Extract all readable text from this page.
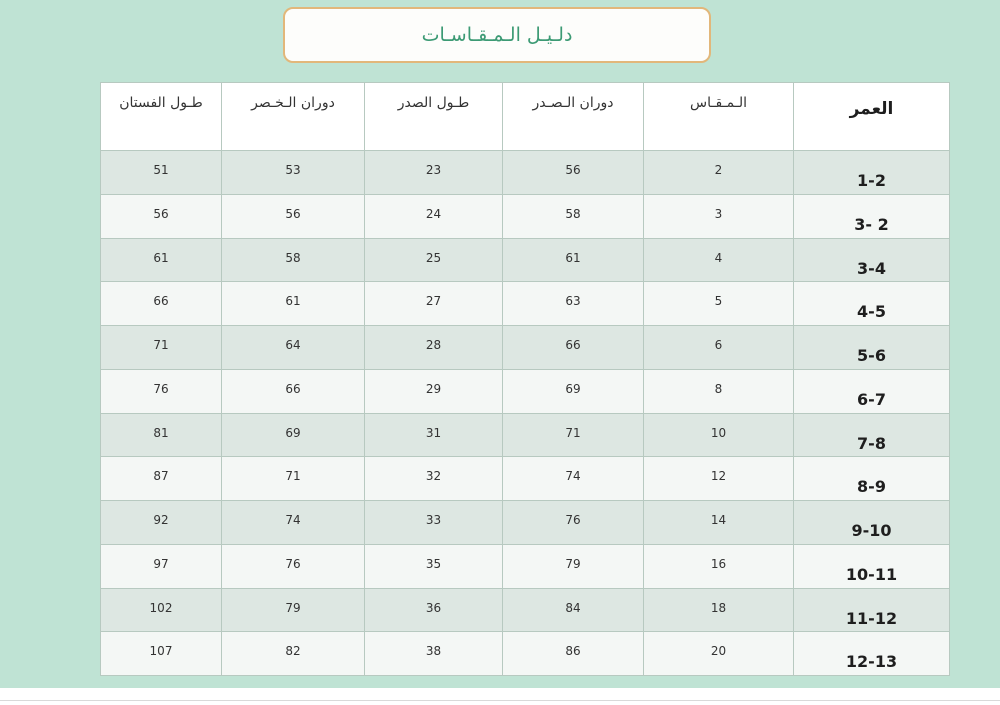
دلـيـل الـمـقـاسـات
العمر	الـمـقـاس	دوران الـصـدر	طـول الصدر	دوران الـخـصر	طـول الفستان
1-2	2	56	23	53	51
2 -3	3	58	24	56	56
3-4	4	61	25	58	61
4-5	5	63	27	61	66
5-6	6	66	28	64	71
6-7	8	69	29	66	76
7-8	10	71	31	69	81
8-9	12	74	32	71	87
9-10	14	76	33	74	92
10-11	16	79	35	76	97
11-12	18	84	36	79	102
12-13	20	86	38	82	107
